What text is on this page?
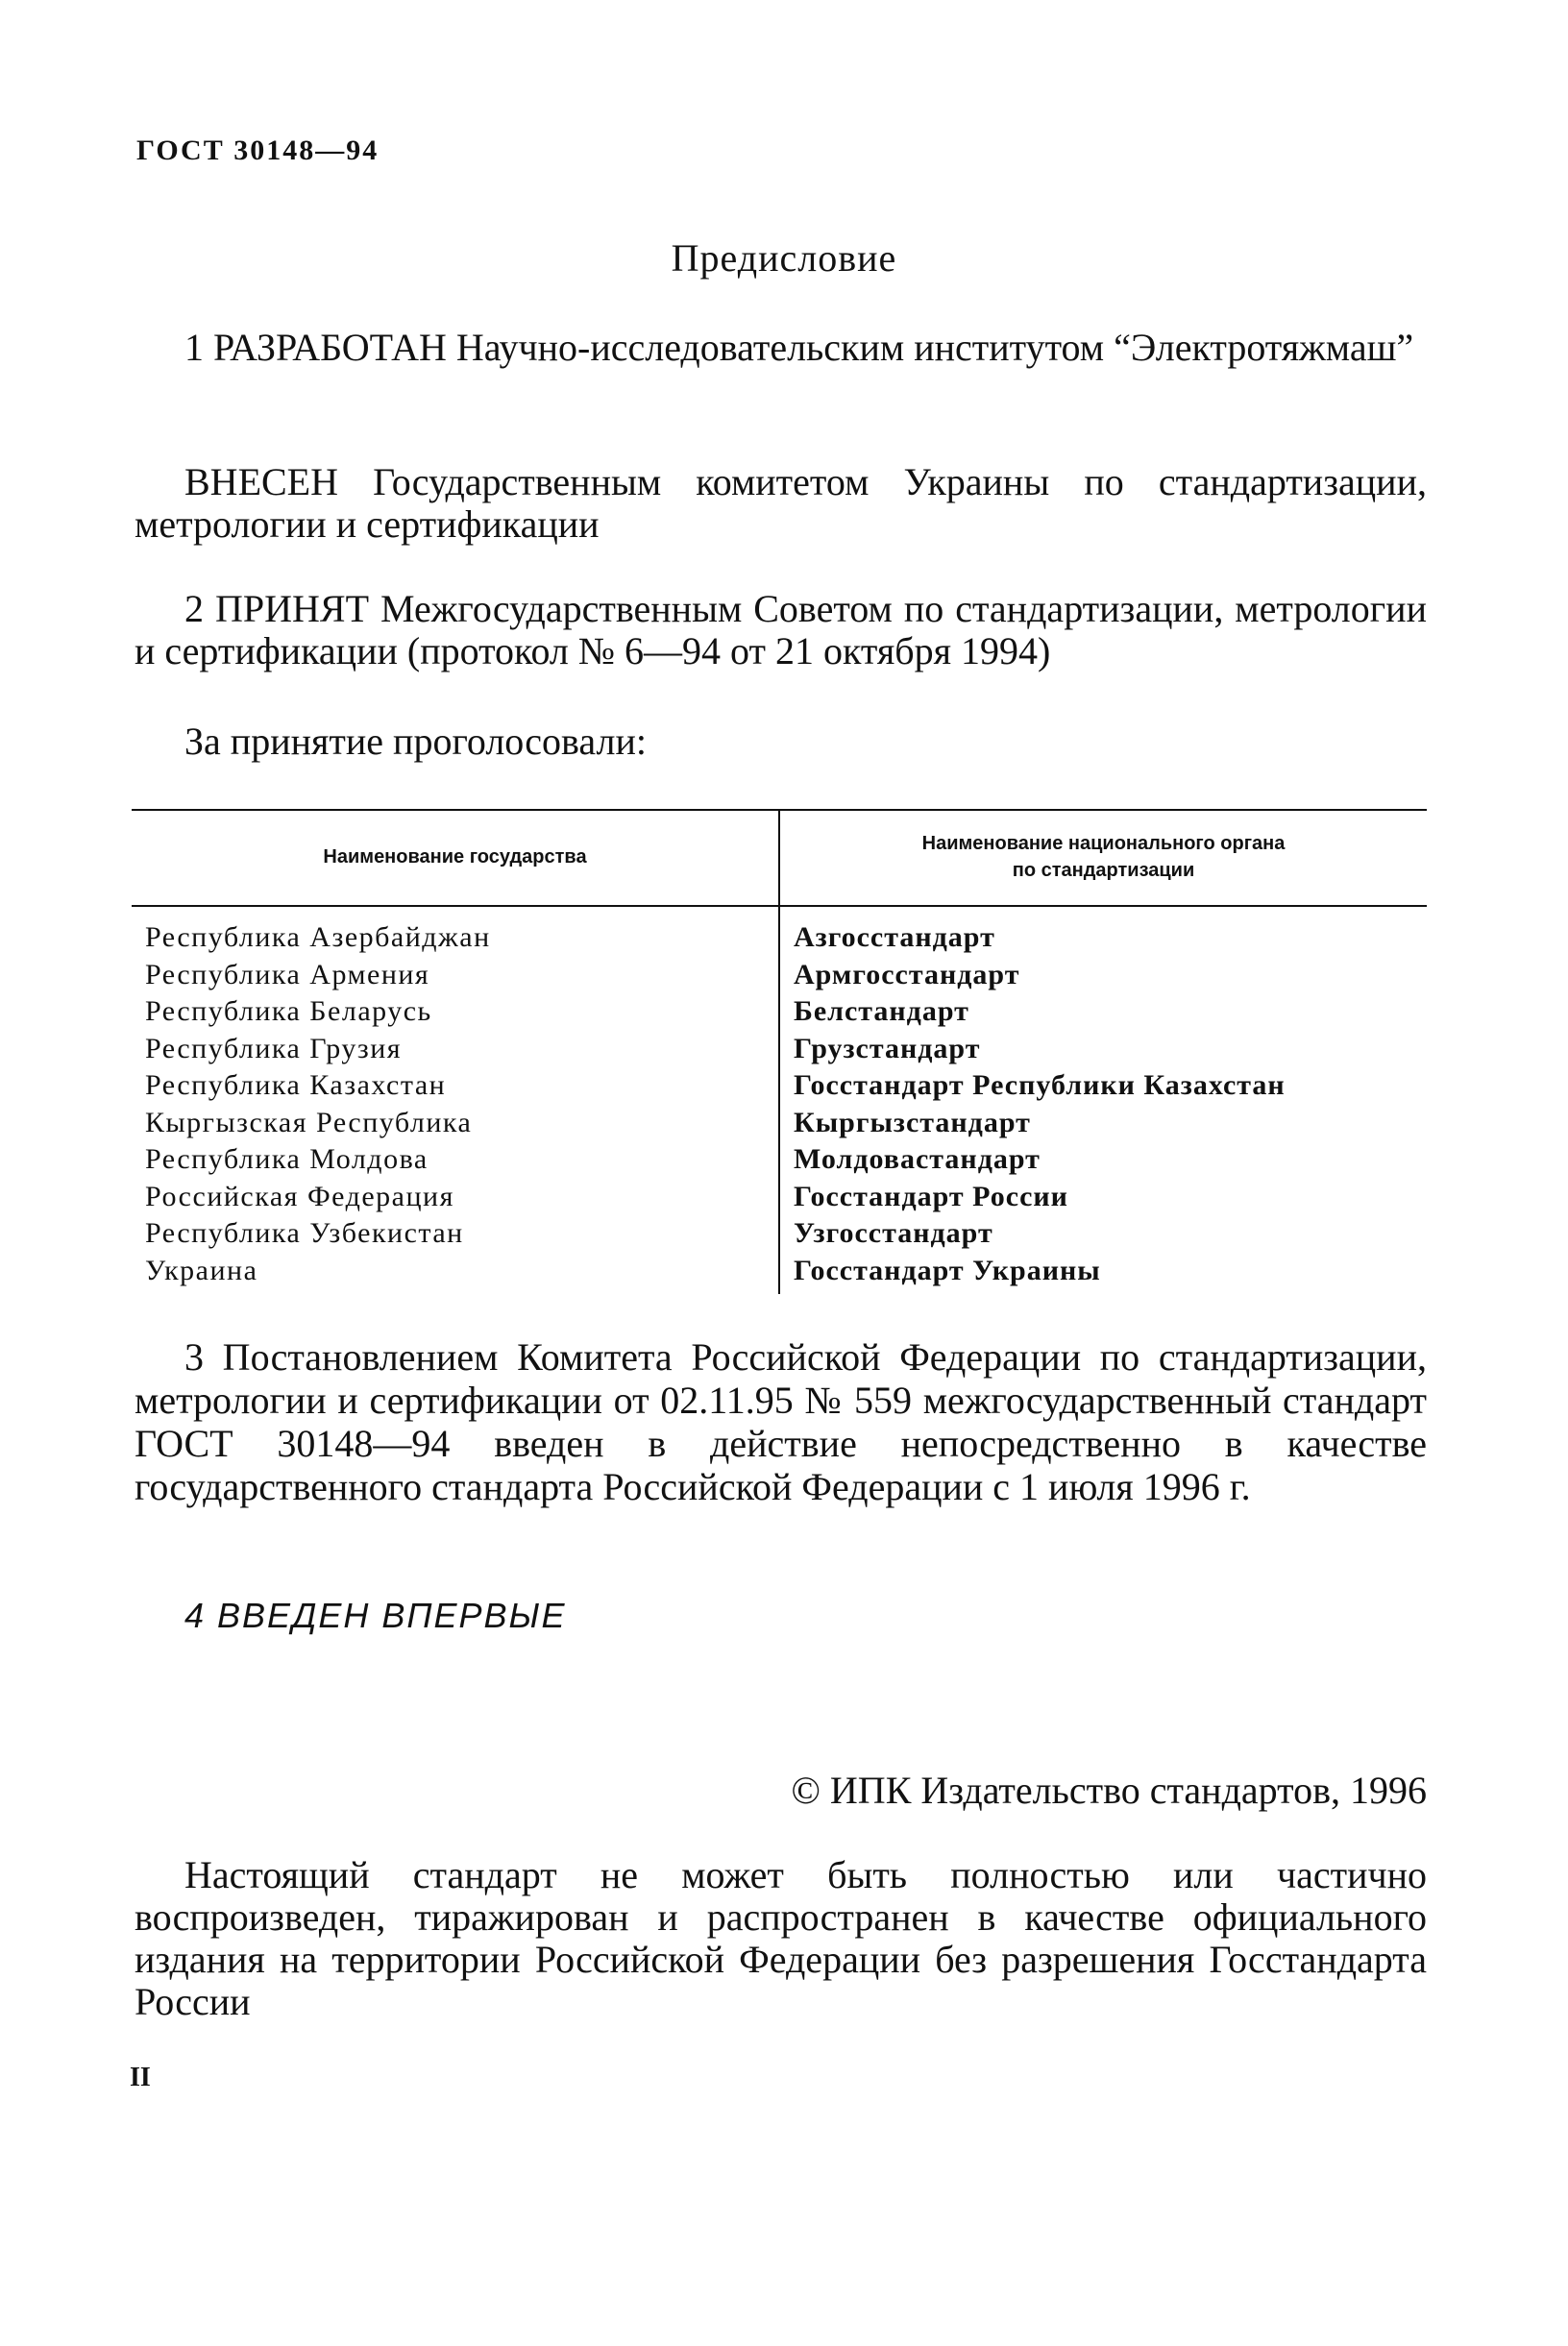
ГОСТ 30148—94
Предисловие

1 РАЗРАБОТАН Научно-исследовательским институтом “Электротяжмаш”

ВНЕСЕН Государственным комитетом Украины по стандартизации, метрологии и сертификации

2 ПРИНЯТ Межгосударственным Советом по стандартизации, метрологии и сертификации (протокол № 6—94 от 21 октября 1994)

За принятие проголосовали:

Наименование государства
Наименование национального органа по стандартизации
Республика Азербайджан
Республика Армения
Республика Беларусь
Республика Грузия
Республика Казахстан
Кыргызская Республика
Республика Молдова
Российская Федерация
Республика Узбекистан
Украина
Азгосстандарт
Армгосстандарт
Белстандарт
Грузстандарт
Госстандарт Республики Казахстан
Кыргызстандарт
Молдовастандарт
Госстандарт России
Узгосстандарт
Госстандарт Украины

3 Постановлением Комитета Российской Федерации по стандартизации, метрологии и сертификации от 02.11.95 № 559 межгосударственный стандарт ГОСТ 30148—94 введен в действие непосредственно в качестве государственного стандарта Российской Федерации с 1 июля 1996 г.

4 ВВЕДЕН ВПЕРВЫЕ

© ИПК Издательство стандартов, 1996

Настоящий стандарт не может быть полностью или частично воспроизведен, тиражирован и распространен в качестве официального издания на территории Российской Федерации без разрешения Госстандарта России

II
